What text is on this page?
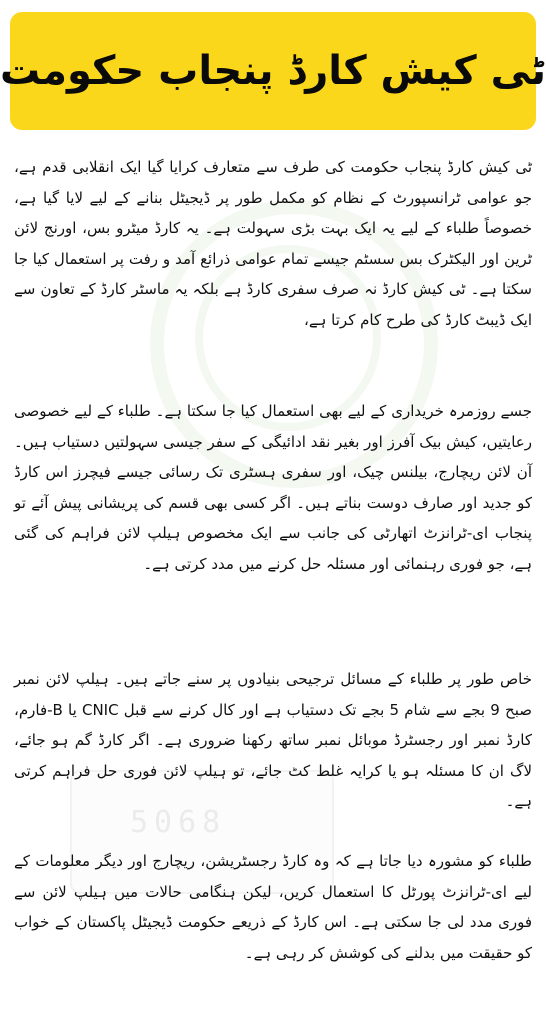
5068
ٹی کیش کارڈ پنجاب حکومت

ٹی کیش کارڈ پنجاب حکومت کی طرف سے متعارف کرایا گیا ایک انقلابی قدم ہے، جو عوامی ٹرانسپورٹ کے نظام کو مکمل طور پر ڈیجیٹل بنانے کے لیے لایا گیا ہے، خصوصاً طلباء کے لیے یہ ایک بہت بڑی سہولت ہے۔ یہ کارڈ میٹرو بس، اورنج لائن ٹرین اور الیکٹرک بس سسٹم جیسے تمام عوامی ذرائع آمد و رفت پر استعمال کیا جا سکتا ہے۔ ٹی کیش کارڈ نہ صرف سفری کارڈ ہے بلکہ یہ ماسٹر کارڈ کے تعاون سے ایک ڈیبٹ کارڈ کی طرح کام کرتا ہے،

جسے روزمرہ خریداری کے لیے بھی استعمال کیا جا سکتا ہے۔ طلباء کے لیے خصوصی رعایتیں، کیش بیک آفرز اور بغیر نقد ادائیگی کے سفر جیسی سہولتیں دستیاب ہیں۔ آن لائن ریچارج، بیلنس چیک، اور سفری ہسٹری تک رسائی جیسے فیچرز اس کارڈ کو جدید اور صارف دوست بناتے ہیں۔ اگر کسی بھی قسم کی پریشانی پیش آئے تو پنجاب ای-ٹرانزٹ اتھارٹی کی جانب سے ایک مخصوص ہیلپ لائن فراہم کی گئی ہے، جو فوری رہنمائی اور مسئلہ حل کرنے میں مدد کرتی ہے۔

خاص طور پر طلباء کے مسائل ترجیحی بنیادوں پر سنے جاتے ہیں۔ ہیلپ لائن نمبر صبح 9 بجے سے شام 5 بجے تک دستیاب ہے اور کال کرنے سے قبل CNIC یا B-فارم، کارڈ نمبر اور رجسٹرڈ موبائل نمبر ساتھ رکھنا ضروری ہے۔ اگر کارڈ گم ہو جائے، لاگ ان کا مسئلہ ہو یا کرایہ غلط کٹ جائے، تو ہیلپ لائن فوری حل فراہم کرتی ہے۔

طلباء کو مشورہ دیا جاتا ہے کہ وہ کارڈ رجسٹریشن، ریچارج اور دیگر معلومات کے لیے ای-ٹرانزٹ پورٹل کا استعمال کریں، لیکن ہنگامی حالات میں ہیلپ لائن سے فوری مدد لی جا سکتی ہے۔ اس کارڈ کے ذریعے حکومت ڈیجیٹل پاکستان کے خواب کو حقیقت میں بدلنے کی کوشش کر رہی ہے۔
